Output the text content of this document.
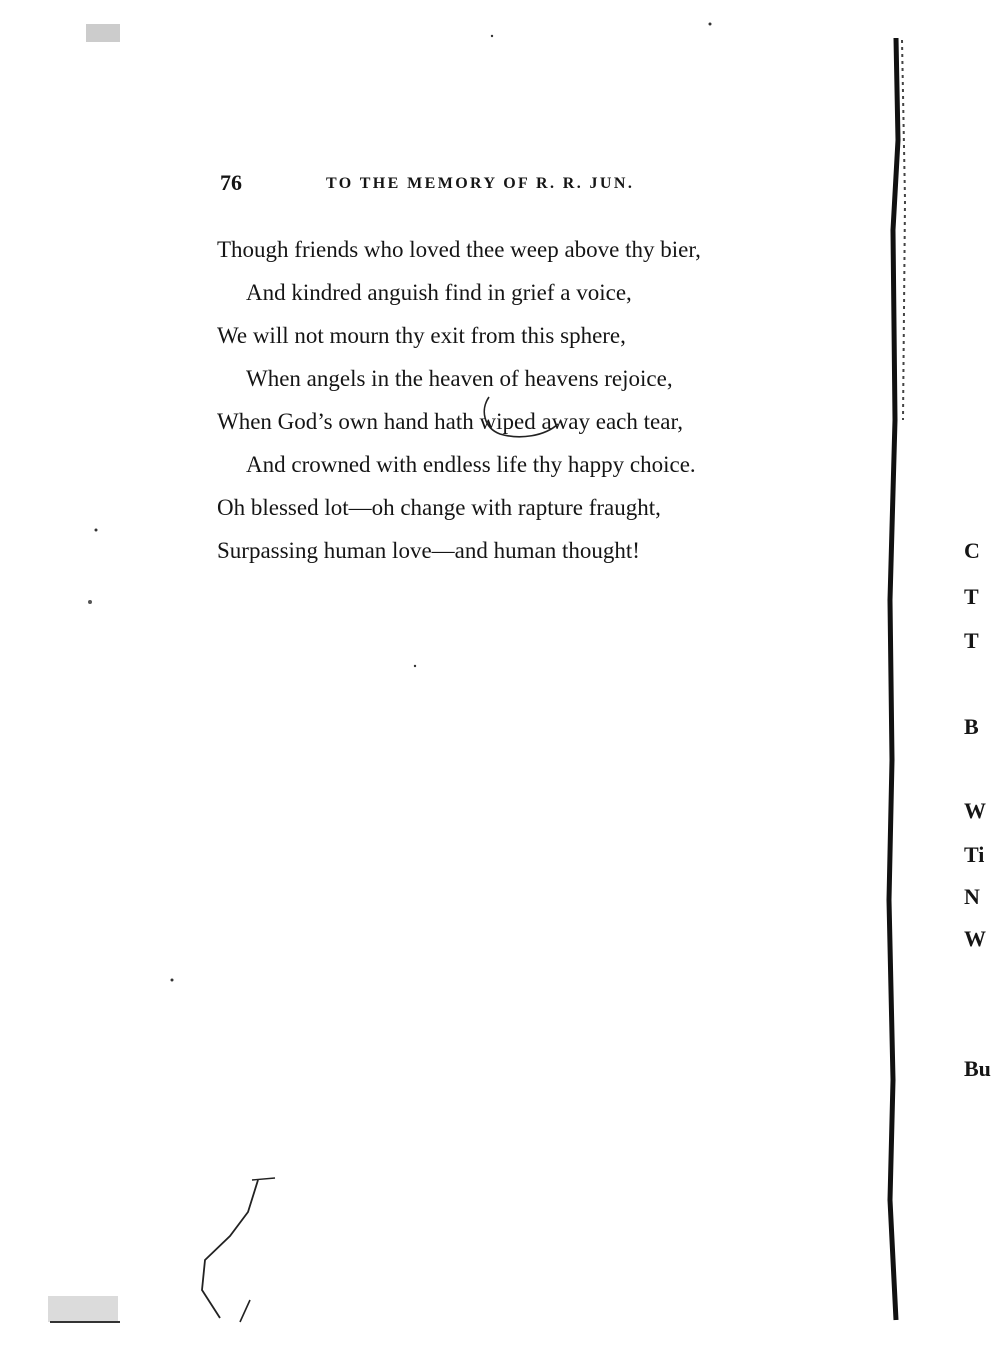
76	TO THE MEMORY OF R. R. JUN.
Though friends who loved thee weep above thy bier,
And kindred anguish find in grief a voice,
We will not mourn thy exit from this sphere,
When angels in the heaven of heavens rejoice,
When God’s own hand hath wiped away each tear,
And crowned with endless life thy happy choice.
Oh blessed lot—oh change with rapture fraught,
Surpassing human love—and human thought!	C
T
T
B
W
Ti
N
W
Bu
